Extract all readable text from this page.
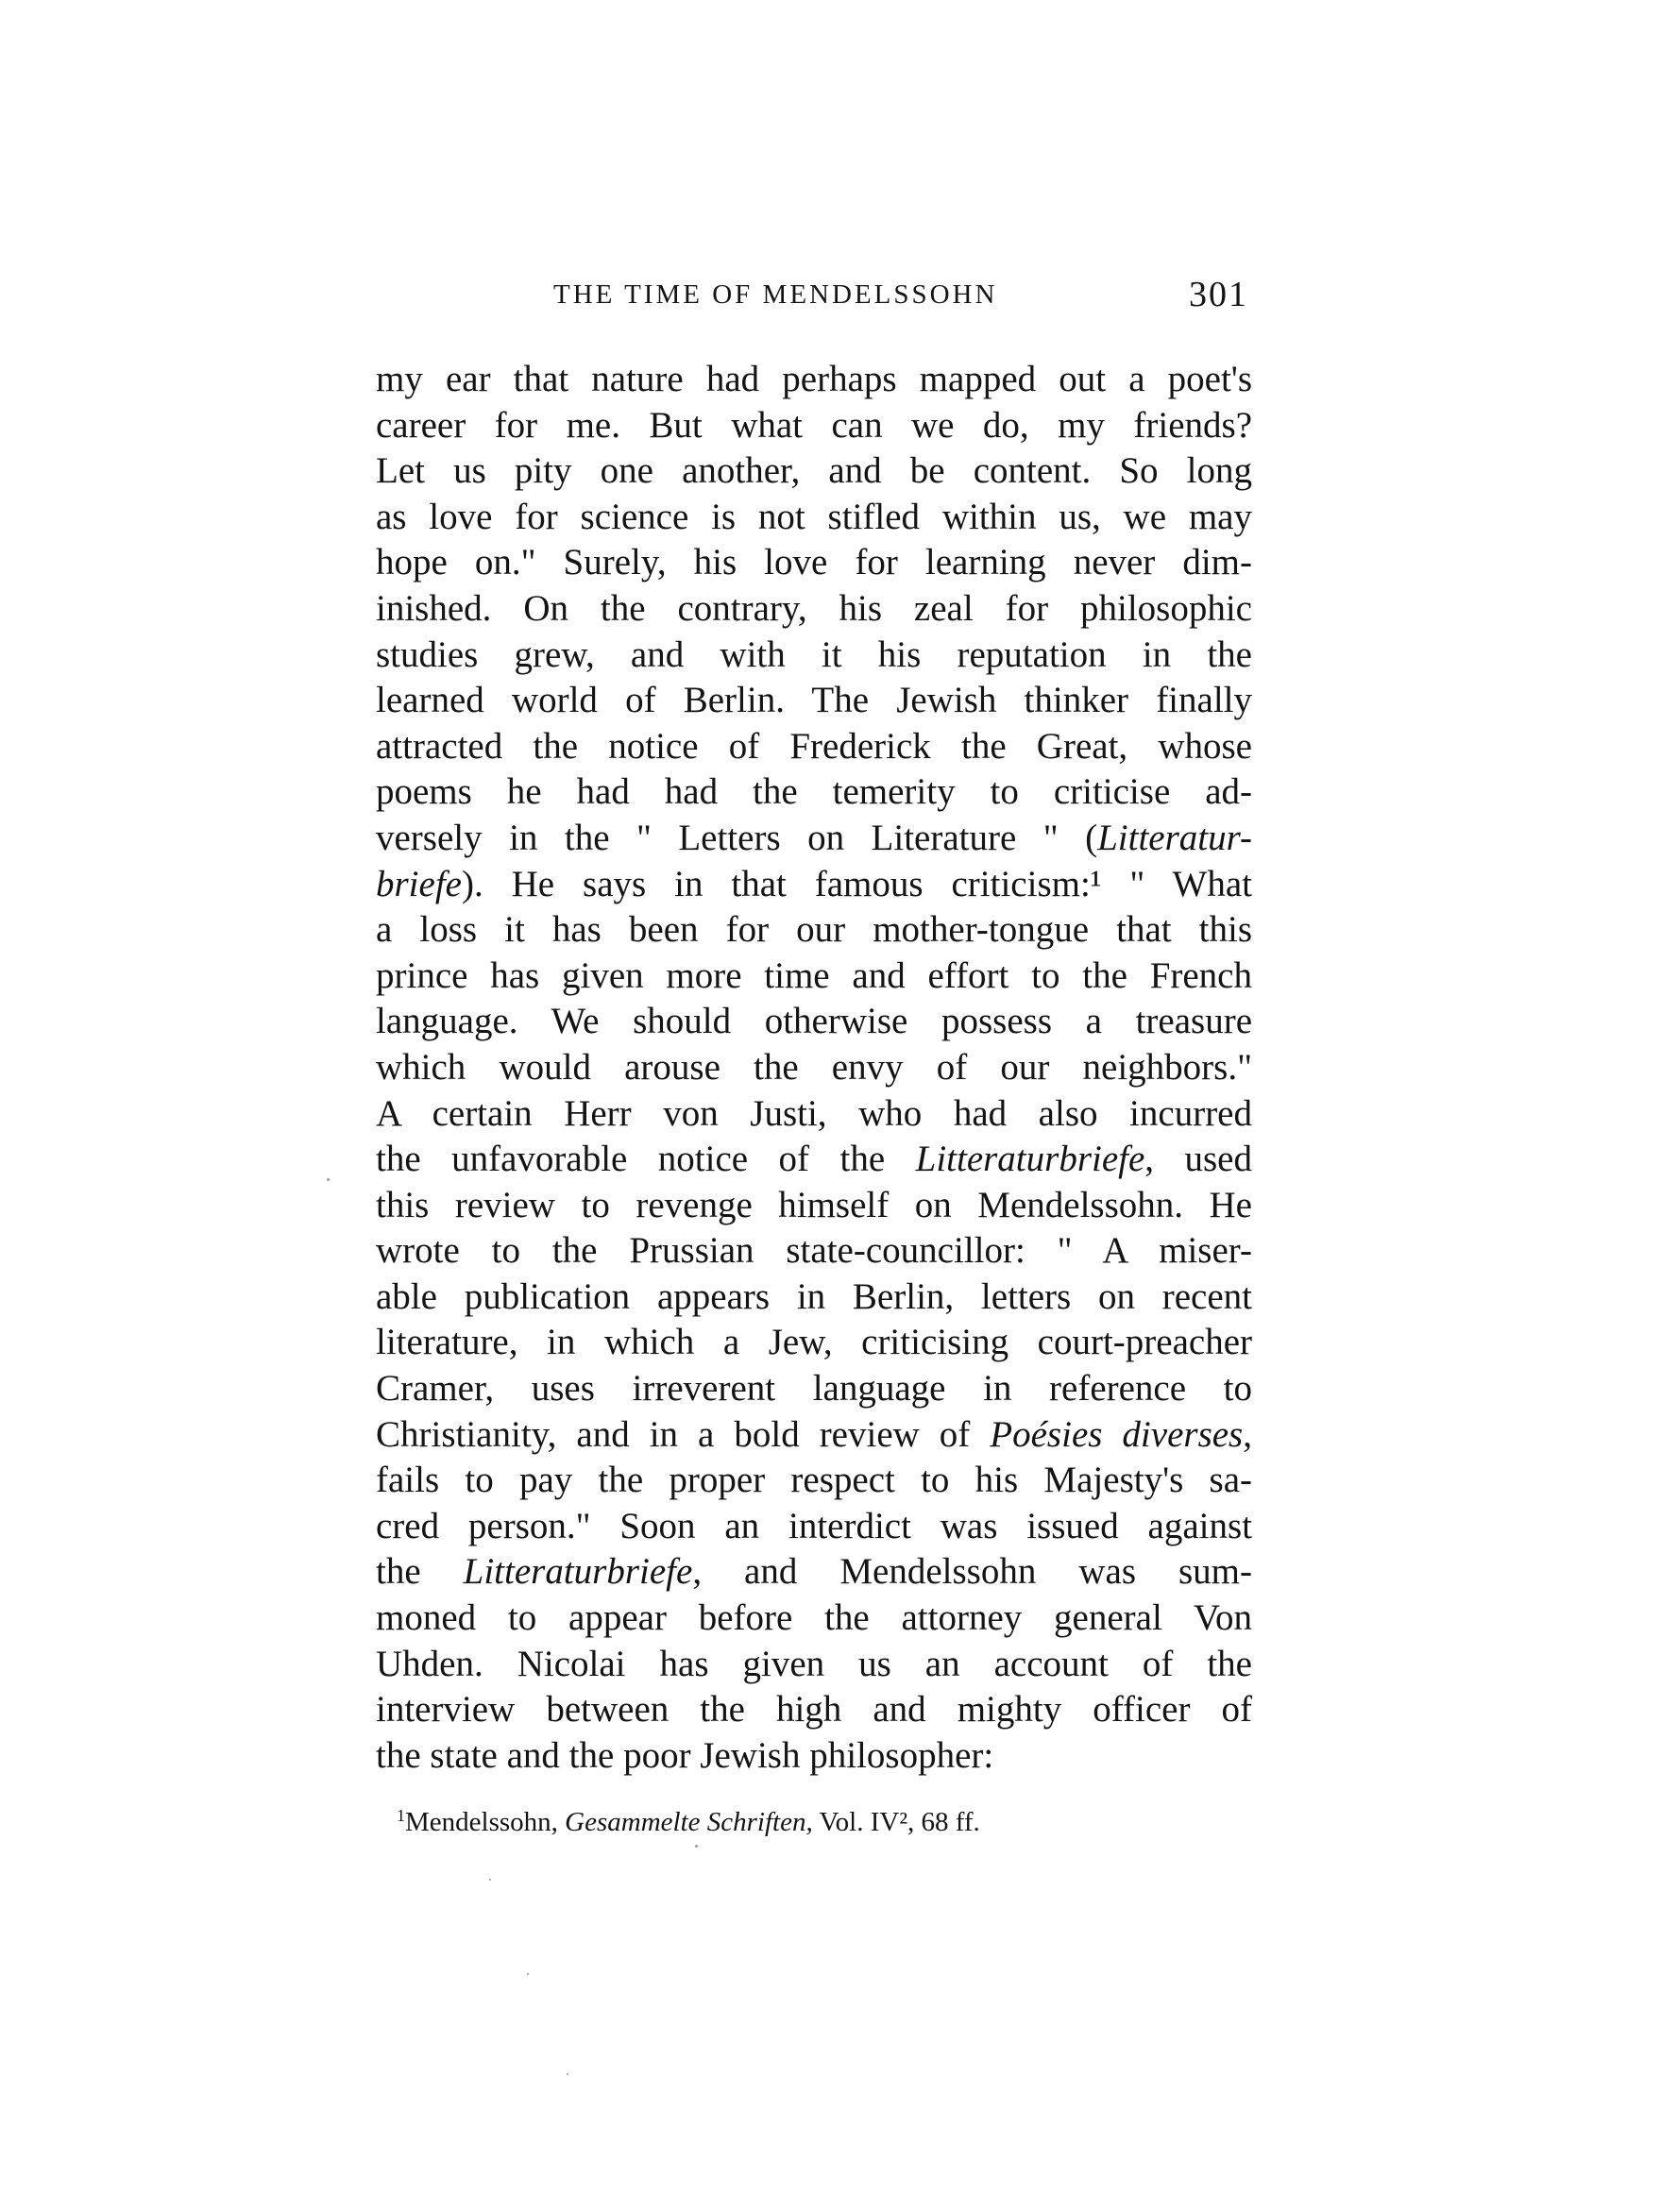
THE TIME OF MENDELSSOHN	301
my ear that nature had perhaps mapped out a poet's
career for me. But what can we do, my friends?
Let us pity one another, and be content. So long
as love for science is not stifled within us, we may
hope on." Surely, his love for learning never dim-
inished. On the contrary, his zeal for philosophic
studies grew, and with it his reputation in the
learned world of Berlin. The Jewish thinker finally
attracted the notice of Frederick the Great, whose
poems he had had the temerity to criticise ad-
versely in the " Letters on Literature " (Litteratur-
briefe). He says in that famous criticism:¹ " What
a loss it has been for our mother-tongue that this
prince has given more time and effort to the French
language. We should otherwise possess a treasure
which would arouse the envy of our neighbors."
A certain Herr von Justi, who had also incurred
the unfavorable notice of the Litteraturbriefe, used
this review to revenge himself on Mendelssohn. He
wrote to the Prussian state-councillor: " A miser-
able publication appears in Berlin, letters on recent
literature, in which a Jew, criticising court-preacher
Cramer, uses irreverent language in reference to
Christianity, and in a bold review of Poésies diverses,
fails to pay the proper respect to his Majesty's sa-
cred person." Soon an interdict was issued against
the Litteraturbriefe, and Mendelssohn was sum-
moned to appear before the attorney general Von
Uhden. Nicolai has given us an account of the
interview between the high and mighty officer of
the state and the poor Jewish philosopher:
$^1$Mendelssohn, Gesammelte Schriften, Vol. IV², 68 ff.
